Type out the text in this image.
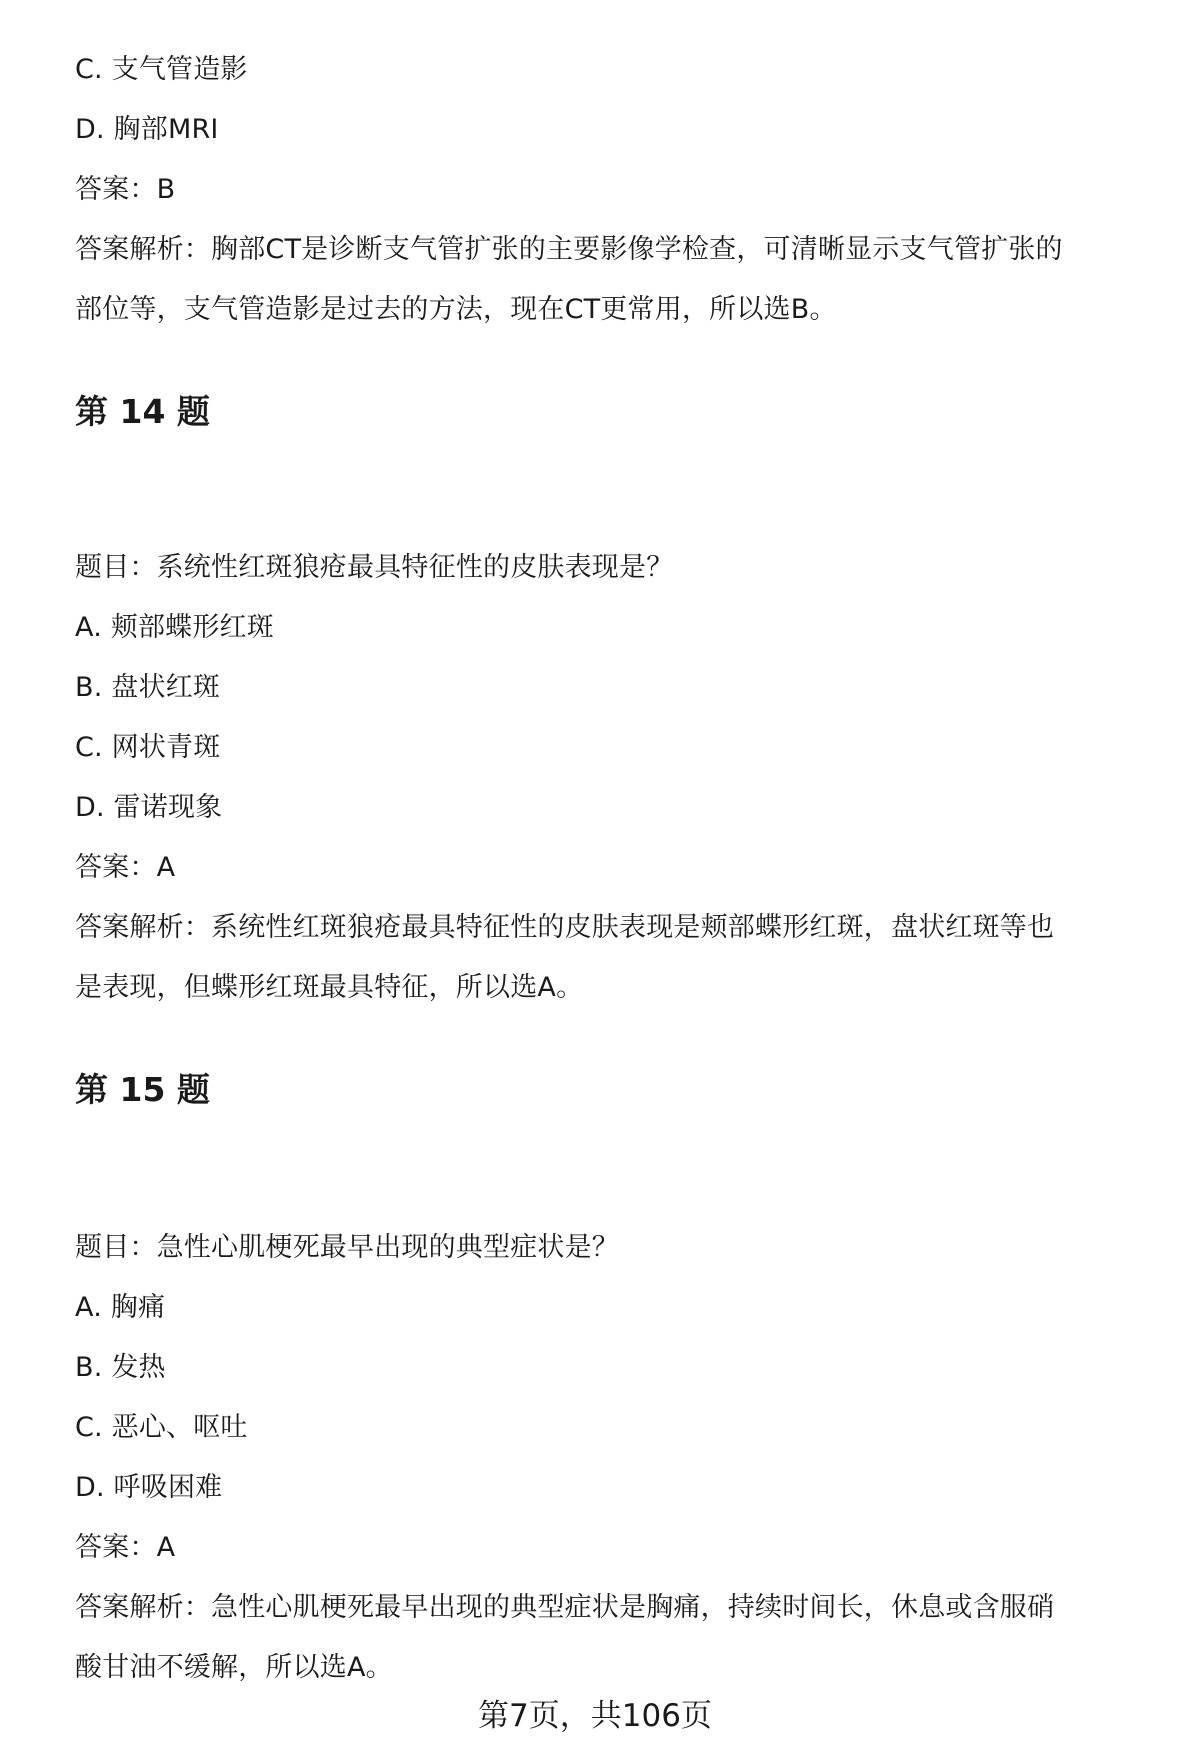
C. 支气管造影
D. 胸部MRI
答案：B
答案解析：胸部CT是诊断支气管扩张的主要影像学检查，可清晰显示支气管扩张的
部位等，支气管造影是过去的方法，现在CT更常用，所以选B。
第 14 题
题目：系统性红斑狼疮最具特征性的皮肤表现是？
A. 颊部蝶形红斑
B. 盘状红斑
C. 网状青斑
D. 雷诺现象
答案：A
答案解析：系统性红斑狼疮最具特征性的皮肤表现是颊部蝶形红斑，盘状红斑等也
是表现，但蝶形红斑最具特征，所以选A。
第 15 题
题目：急性心肌梗死最早出现的典型症状是？
A. 胸痛
B. 发热
C. 恶心、呕吐
D. 呼吸困难
答案：A
答案解析：急性心肌梗死最早出现的典型症状是胸痛，持续时间长，休息或含服硝
酸甘油不缓解，所以选A。
第7页，共106页
